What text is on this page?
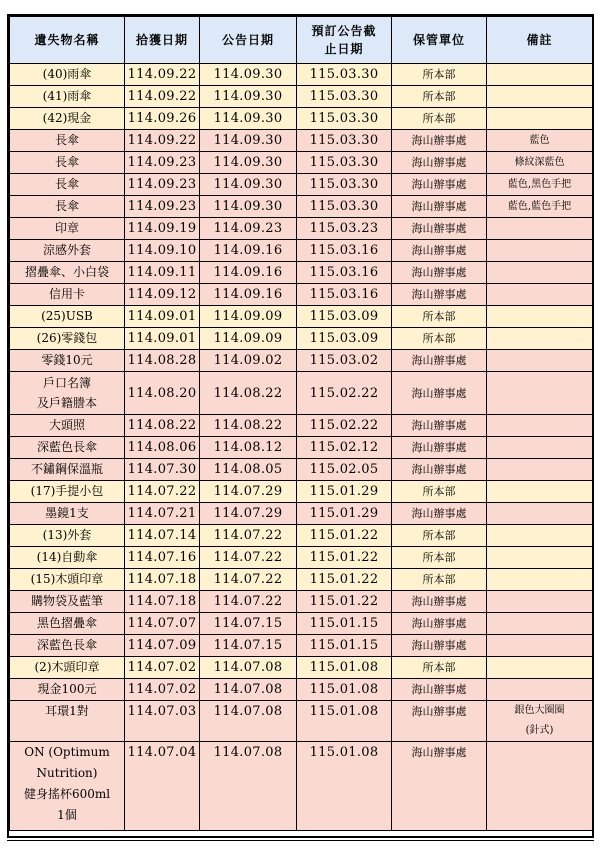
遺失物名稱	拾獲日期	公告日期	預訂公告截
止日期	保管單位	備註
(40)雨傘	114.09.22	114.09.30	115.03.30	所本部	
(41)雨傘	114.09.22	114.09.30	115.03.30	所本部	
(42)現金	114.09.26	114.09.30	115.03.30	所本部	
長傘	114.09.22	114.09.30	115.03.30	海山辦事處	藍色
長傘	114.09.23	114.09.30	115.03.30	海山辦事處	條紋深藍色
長傘	114.09.23	114.09.30	115.03.30	海山辦事處	藍色,黑色手把
長傘	114.09.23	114.09.30	115.03.30	海山辦事處	藍色,藍色手把
印章	114.09.19	114.09.23	115.03.23	海山辦事處	
涼感外套	114.09.10	114.09.16	115.03.16	海山辦事處	
摺疊傘、小白袋	114.09.11	114.09.16	115.03.16	海山辦事處	
信用卡	114.09.12	114.09.16	115.03.16	海山辦事處	
(25)USB	114.09.01	114.09.09	115.03.09	所本部	
(26)零錢包	114.09.01	114.09.09	115.03.09	所本部	
零錢10元	114.08.28	114.09.02	115.03.02	海山辦事處	
戶口名簿
及戶籍謄本	114.08.20	114.08.22	115.02.22	海山辦事處	
大頭照	114.08.22	114.08.22	115.02.22	海山辦事處	
深藍色長傘	114.08.06	114.08.12	115.02.12	海山辦事處	
不鏽鋼保溫瓶	114.07.30	114.08.05	115.02.05	海山辦事處	
(17)手提小包	114.07.22	114.07.29	115.01.29	所本部	
墨鏡1支	114.07.21	114.07.29	115.01.29	海山辦事處	
(13)外套	114.07.14	114.07.22	115.01.22	所本部	
(14)自動傘	114.07.16	114.07.22	115.01.22	所本部	
(15)木頭印章	114.07.18	114.07.22	115.01.22	所本部	
購物袋及藍筆	114.07.18	114.07.22	115.01.22	海山辦事處	
黑色摺疊傘	114.07.07	114.07.15	115.01.15	海山辦事處	
深藍色長傘	114.07.09	114.07.15	115.01.15	海山辦事處	
(2)木頭印章	114.07.02	114.07.08	115.01.08	所本部	
現金100元	114.07.02	114.07.08	115.01.08	海山辦事處	
耳環1對	114.07.03	114.07.08	115.01.08	海山辦事處	銀色大圈圈
(針式)
ON (Optimum
Nutrition)
健身搖杯600ml
1個	114.07.04	114.07.08	115.01.08	海山辦事處	
